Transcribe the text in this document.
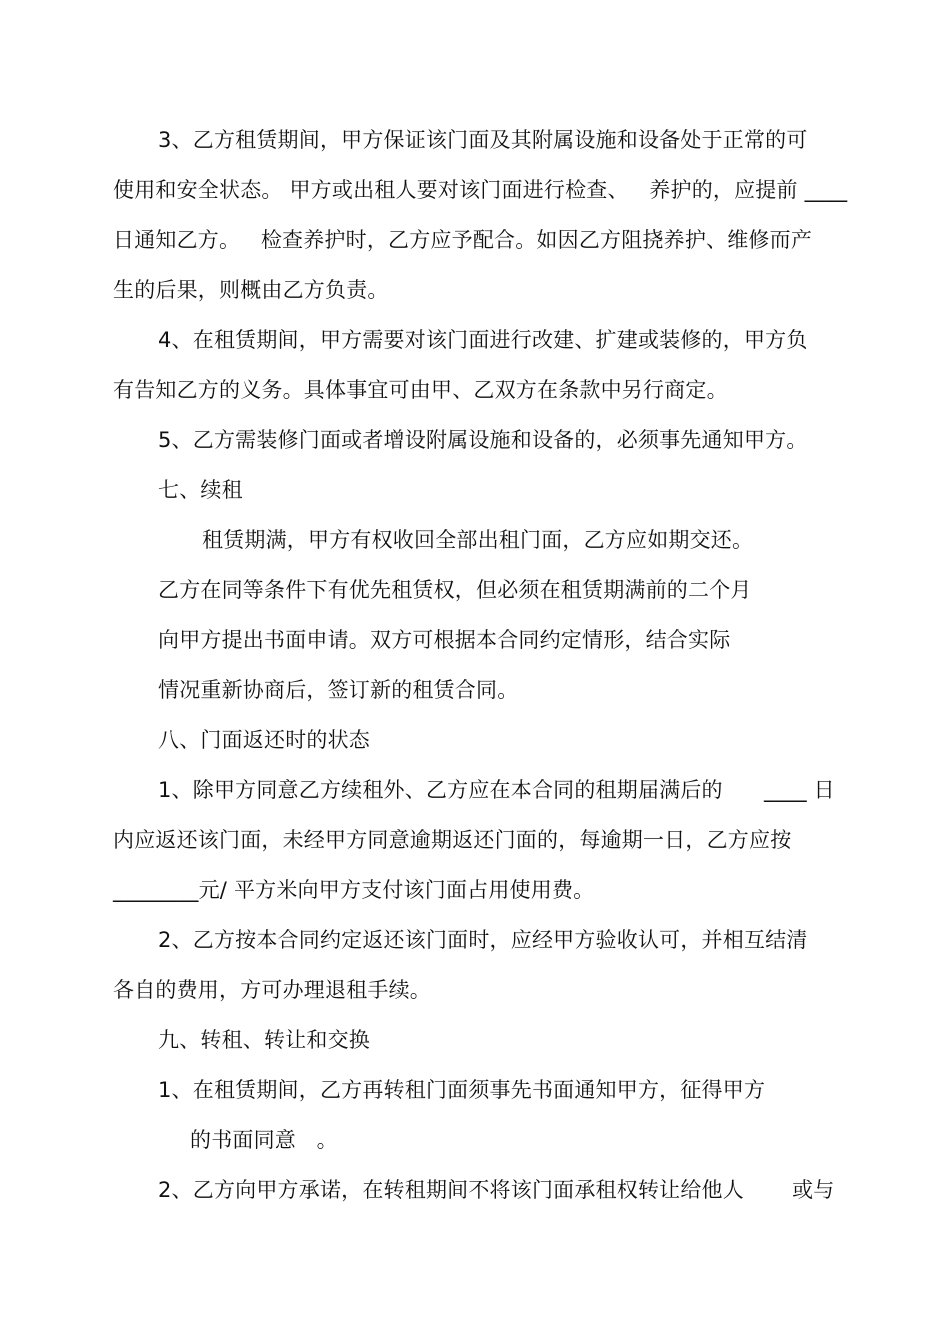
3、乙方租赁期间，甲方保证该门面及其附属设施和设备处于正常的可
使用和安全状态。 甲方或出租人要对该门面进行检查、   养护的，应提前 ____
日通知乙方。   检查养护时，乙方应予配合。如因乙方阻挠养护、维修而产
生的后果，则概由乙方负责。
4、在租赁期间，甲方需要对该门面进行改建、扩建或装修的，甲方负
有告知乙方的义务。具体事宜可由甲、乙双方在条款中另行商定。
5、乙方需装修门面或者增设附属设施和设备的，必须事先通知甲方。
七、续租
租赁期满，甲方有权收回全部出租门面，乙方应如期交还。
乙方在同等条件下有优先租赁权，但必须在租赁期满前的二个月
向甲方提出书面申请。双方可根据本合同约定情形，结合实际
情况重新协商后，签订新的租赁合同。
八、门面返还时的状态
1、除甲方同意乙方续租外、乙方应在本合同的租期届满后的      ____ 日
内应返还该门面，未经甲方同意逾期返还门面的，每逾期一日，乙方应按
________元/ 平方米向甲方支付该门面占用使用费。
2、乙方按本合同约定返还该门面时，应经甲方验收认可，并相互结清
各自的费用，方可办理退租手续。
九、转租、转让和交换
1、在租赁期间，乙方再转租门面须事先书面通知甲方，征得甲方
的书面同意   。
2、乙方向甲方承诺，在转租期间不将该门面承租权转让给他人       或与
